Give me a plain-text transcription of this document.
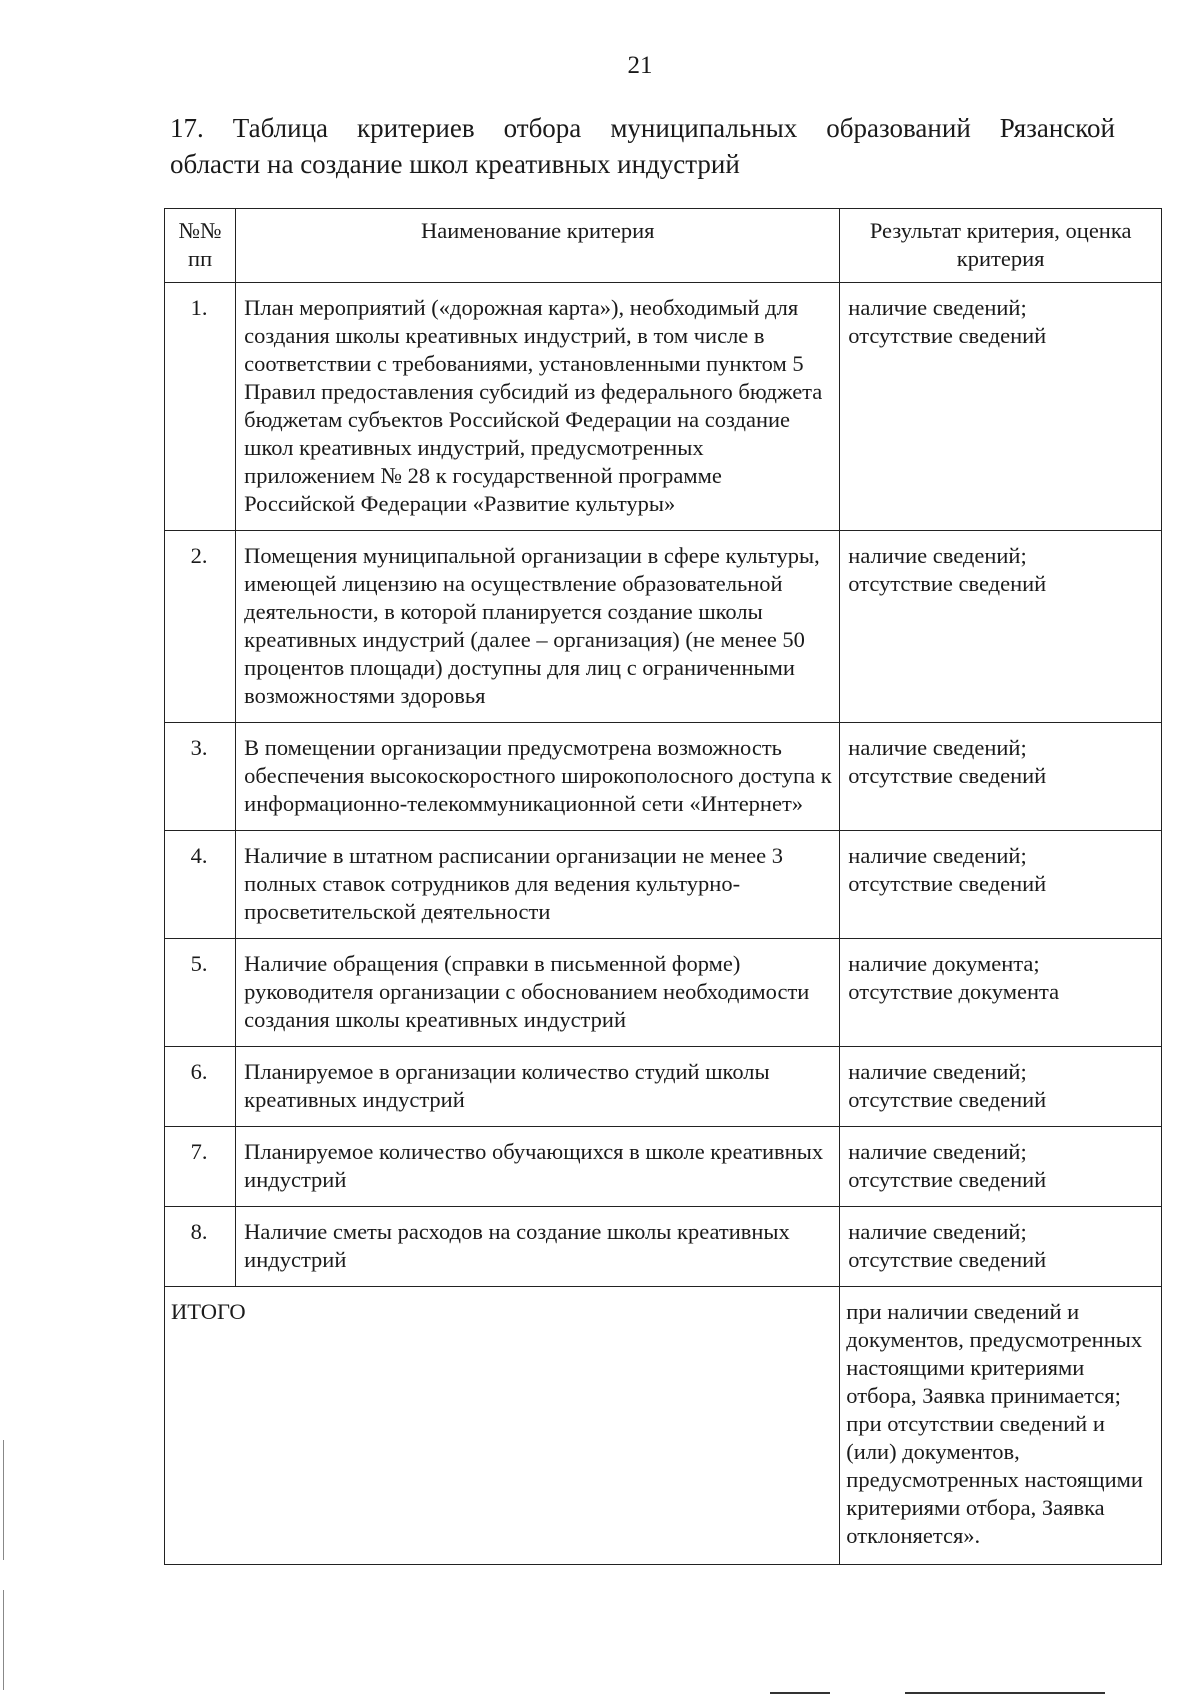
21
17. Таблица критериев отбора муниципальных образований Рязанской
области на создание школ креативных индустрий
№№ пп	Наименование критерия	Результат критерия, оценка критерия
1.	План мероприятий («дорожная карта»), необходимый для создания школы креативных индустрий, в том числе в соответствии с требованиями, установленными пунктом 5 Правил предоставления субсидий из федерального бюджета бюджетам субъектов Российской Федерации на создание школ креативных индустрий, предусмотренных приложением № 28 к государственной программе Российской Федерации «Развитие культуры»	наличие сведений;
отсутствие сведений

2.	Помещения муниципальной организации в сфере культуры, имеющей лицензию на осуществление образовательной деятельности, в которой планируется создание школы креативных индустрий (далее – организация) (не менее 50 процентов площади) доступны для лиц с ограниченными возможностями здоровья	наличие сведений;
отсутствие сведений

3.	В помещении организации предусмотрена возможность обеспечения высокоскоростного широкополосного доступа к информационно-телекоммуникационной сети «Интернет»	наличие сведений;
отсутствие сведений

4.	Наличие в штатном расписании организации не менее 3 полных ставок сотрудников для ведения культурно-просветительской деятельности	наличие сведений;
отсутствие сведений

5.	Наличие обращения (справки в письменной форме) руководителя организации с обоснованием необходимости создания школы креативных индустрий	наличие документа;
отсутствие документа

6.	Планируемое в организации количество студий школы креативных индустрий	наличие сведений;
отсутствие сведений

7.	Планируемое количество обучающихся в школе креативных индустрий	наличие сведений;
отсутствие сведений

8.	Наличие сметы расходов на создание школы креативных индустрий	наличие сведений;
отсутствие сведений

ИТОГО		при наличии сведений и документов, предусмотренных настоящими критериями отбора, Заявка принимается; при отсутствии сведений и (или) документов, предусмотренных настоящими критериями отбора, Заявка отклоняется».
